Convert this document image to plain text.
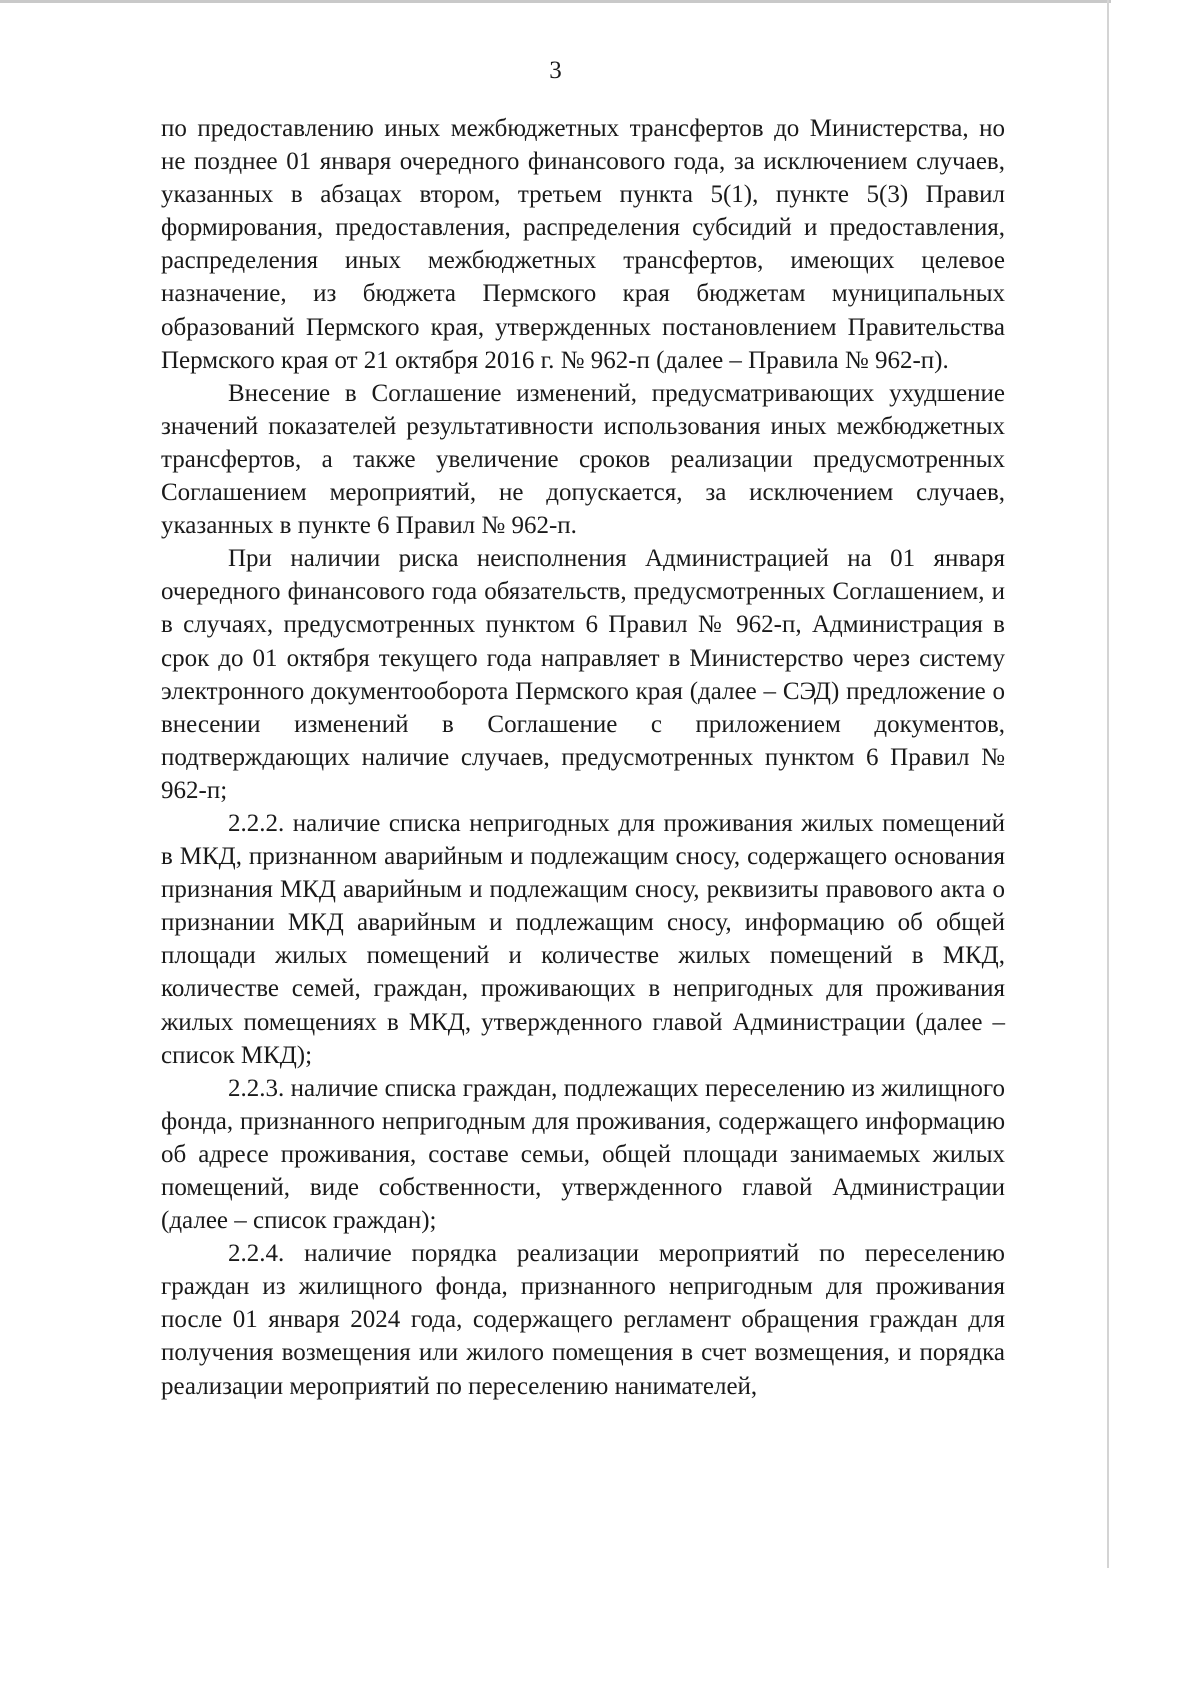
3

по предоставлению иных межбюджетных трансфертов до Министерства, но не позднее 01 января очередного финансового года, за исключением случаев, указанных в абзацах втором, третьем пункта 5(1), пункте 5(3) Правил формирования, предоставления, распределения субсидий и предоставления, распределения иных межбюджетных трансфертов, имеющих целевое назначение, из бюджета Пермского края бюджетам муниципальных образований Пермского края, утвержденных постановлением Правительства Пермского края от 21 октября 2016 г. № 962-п (далее – Правила № 962-п).

Внесение в Соглашение изменений, предусматривающих ухудшение значений показателей результативности использования иных межбюджетных трансфертов, а также увеличение сроков реализации предусмотренных Соглашением мероприятий, не допускается, за исключением случаев, указанных в пункте 6 Правил № 962-п.

При наличии риска неисполнения Администрацией на 01 января очередного финансового года обязательств, предусмотренных Соглашением, и в случаях, предусмотренных пунктом 6 Правил № 962-п, Администрация в срок до 01 октября текущего года направляет в Министерство через систему электронного документооборота Пермского края (далее – СЭД) предложение о внесении изменений в Соглашение с приложением документов, подтверждающих наличие случаев, предусмотренных пунктом 6 Правил № 962-п;

2.2.2. наличие списка непригодных для проживания жилых помещений в МКД, признанном аварийным и подлежащим сносу, содержащего основания признания МКД аварийным и подлежащим сносу, реквизиты правового акта о признании МКД аварийным и подлежащим сносу, информацию об общей площади жилых помещений и количестве жилых помещений в МКД, количестве семей, граждан, проживающих в непригодных для проживания жилых помещениях в МКД, утвержденного главой Администрации (далее – список МКД);

2.2.3. наличие списка граждан, подлежащих переселению из жилищного фонда, признанного непригодным для проживания, содержащего информацию об адресе проживания, составе семьи, общей площади занимаемых жилых помещений, виде собственности, утвержденного главой Администрации (далее – список граждан);

2.2.4. наличие порядка реализации мероприятий по переселению граждан из жилищного фонда, признанного непригодным для проживания после 01 января 2024 года, содержащего регламент обращения граждан для получения возмещения или жилого помещения в счет возмещения, и порядка реализации мероприятий по переселению нанимателей,
